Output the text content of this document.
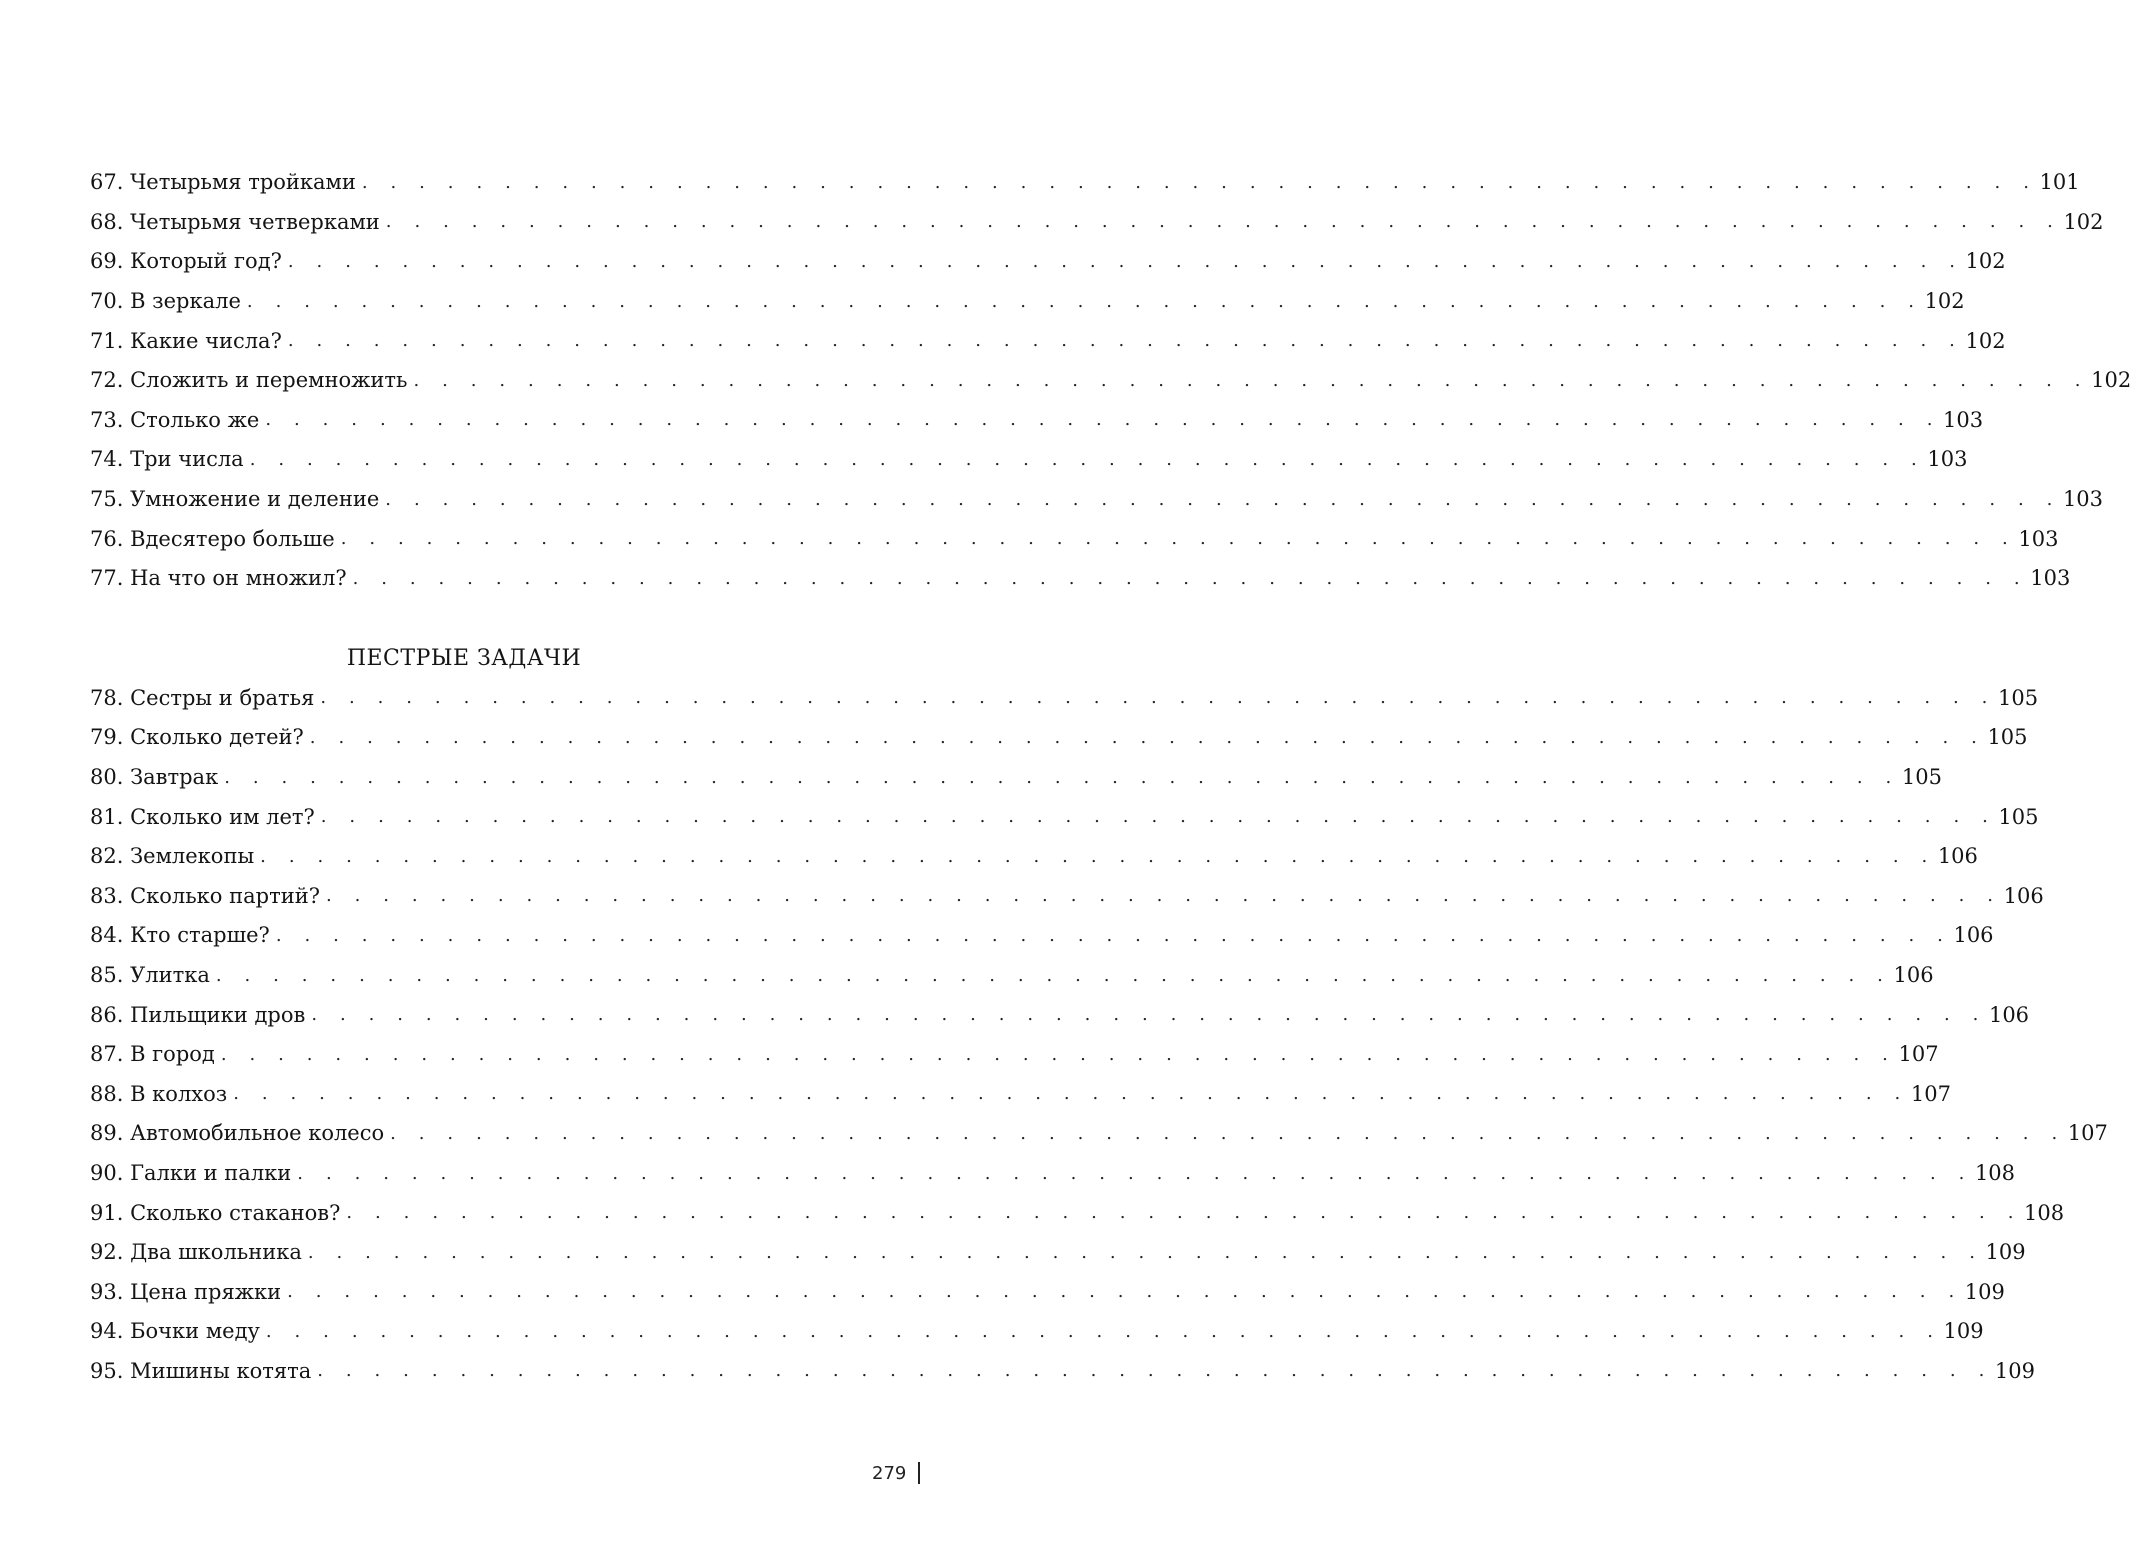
67. Четырьмя тройками . . . . . . . . . . . . . . . . . . . . . . . . . . . . . . . . . . . . . . . . . . . . . . . . . . . . . . . . . . . 101
68. Четырьмя четверками . . . . . . . . . . . . . . . . . . . . . . . . . . . . . . . . . . . . . . . . . . . . . . . . . . . . . . . . . . . 102
69. Который год? . . . . . . . . . . . . . . . . . . . . . . . . . . . . . . . . . . . . . . . . . . . . . . . . . . . . . . . . . . . 102
70. В зеркале . . . . . . . . . . . . . . . . . . . . . . . . . . . . . . . . . . . . . . . . . . . . . . . . . . . . . . . . . . . 102
71. Какие числа? . . . . . . . . . . . . . . . . . . . . . . . . . . . . . . . . . . . . . . . . . . . . . . . . . . . . . . . . . . . 102
72. Сложить и перемножить . . . . . . . . . . . . . . . . . . . . . . . . . . . . . . . . . . . . . . . . . . . . . . . . . . . . . . . . . . . 102
73. Столько же . . . . . . . . . . . . . . . . . . . . . . . . . . . . . . . . . . . . . . . . . . . . . . . . . . . . . . . . . . . 103
74. Три числа . . . . . . . . . . . . . . . . . . . . . . . . . . . . . . . . . . . . . . . . . . . . . . . . . . . . . . . . . . . 103
75. Умножение и деление . . . . . . . . . . . . . . . . . . . . . . . . . . . . . . . . . . . . . . . . . . . . . . . . . . . . . . . . . . . 103
76. Вдесятеро больше . . . . . . . . . . . . . . . . . . . . . . . . . . . . . . . . . . . . . . . . . . . . . . . . . . . . . . . . . . . 103
77. На что он множил? . . . . . . . . . . . . . . . . . . . . . . . . . . . . . . . . . . . . . . . . . . . . . . . . . . . . . . . . . . . 103
ПЕСТРЫЕ ЗАДАЧИ
78. Сестры и братья . . . . . . . . . . . . . . . . . . . . . . . . . . . . . . . . . . . . . . . . . . . . . . . . . . . . . . . . . . . 105
79. Сколько детей? . . . . . . . . . . . . . . . . . . . . . . . . . . . . . . . . . . . . . . . . . . . . . . . . . . . . . . . . . . . 105
80. Завтрак . . . . . . . . . . . . . . . . . . . . . . . . . . . . . . . . . . . . . . . . . . . . . . . . . . . . . . . . . . . 105
81. Сколько им лет? . . . . . . . . . . . . . . . . . . . . . . . . . . . . . . . . . . . . . . . . . . . . . . . . . . . . . . . . . . . 105
82. Землекопы . . . . . . . . . . . . . . . . . . . . . . . . . . . . . . . . . . . . . . . . . . . . . . . . . . . . . . . . . . . 106
83. Сколько партий? . . . . . . . . . . . . . . . . . . . . . . . . . . . . . . . . . . . . . . . . . . . . . . . . . . . . . . . . . . . 106
84. Кто старше? . . . . . . . . . . . . . . . . . . . . . . . . . . . . . . . . . . . . . . . . . . . . . . . . . . . . . . . . . . . 106
85. Улитка . . . . . . . . . . . . . . . . . . . . . . . . . . . . . . . . . . . . . . . . . . . . . . . . . . . . . . . . . . . 106
86. Пильщики дров . . . . . . . . . . . . . . . . . . . . . . . . . . . . . . . . . . . . . . . . . . . . . . . . . . . . . . . . . . . 106
87. В город . . . . . . . . . . . . . . . . . . . . . . . . . . . . . . . . . . . . . . . . . . . . . . . . . . . . . . . . . . . 107
88. В колхоз . . . . . . . . . . . . . . . . . . . . . . . . . . . . . . . . . . . . . . . . . . . . . . . . . . . . . . . . . . . 107
89. Автомобильное колесо . . . . . . . . . . . . . . . . . . . . . . . . . . . . . . . . . . . . . . . . . . . . . . . . . . . . . . . . . . . 107
90. Галки и палки . . . . . . . . . . . . . . . . . . . . . . . . . . . . . . . . . . . . . . . . . . . . . . . . . . . . . . . . . . . 108
91. Сколько стаканов? . . . . . . . . . . . . . . . . . . . . . . . . . . . . . . . . . . . . . . . . . . . . . . . . . . . . . . . . . . . 108
92. Два школьника . . . . . . . . . . . . . . . . . . . . . . . . . . . . . . . . . . . . . . . . . . . . . . . . . . . . . . . . . . . 109
93. Цена пряжки . . . . . . . . . . . . . . . . . . . . . . . . . . . . . . . . . . . . . . . . . . . . . . . . . . . . . . . . . . . 109
94. Бочки меду . . . . . . . . . . . . . . . . . . . . . . . . . . . . . . . . . . . . . . . . . . . . . . . . . . . . . . . . . . . 109
95. Мишины котята . . . . . . . . . . . . . . . . . . . . . . . . . . . . . . . . . . . . . . . . . . . . . . . . . . . . . . . . . . . 109
279
